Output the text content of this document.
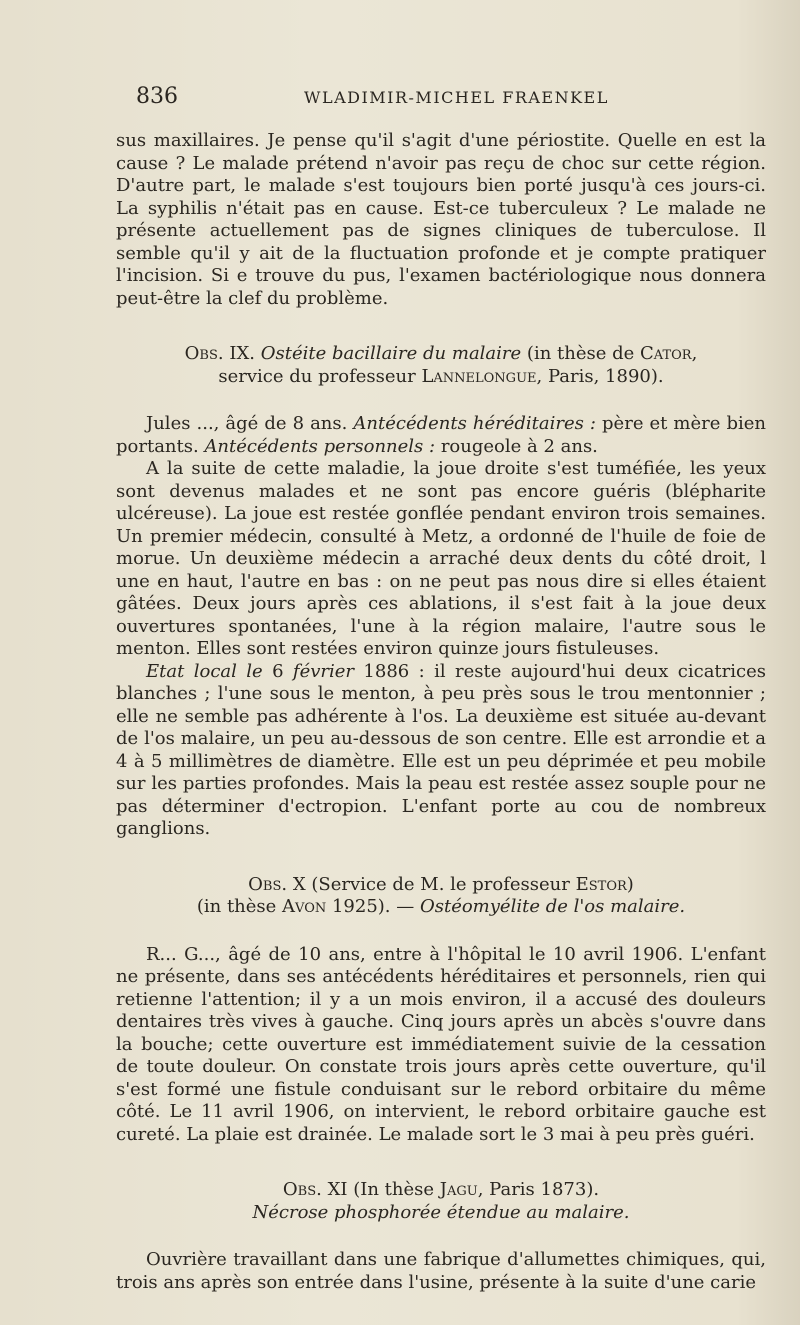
836	WLADIMIR-MICHEL FRAENKEL

sus maxillaires. Je pense qu'il s'agit d'une périostite. Quelle en est la cause ? Le malade prétend n'avoir pas reçu de choc sur cette région. D'autre part, le malade s'est toujours bien porté jusqu'à ces jours-ci. La syphilis n'était pas en cause. Est-ce tuberculeux ? Le malade ne présente actuellement pas de signes cliniques de tuberculose. Il semble qu'il y ait de la fluctuation profonde et je compte pratiquer l'incision. Si e trouve du pus, l'examen bactériologique nous donnera peut-être la clef du problème.

Obs. IX. Ostéite bacillaire du malaire (in thèse de Cator,
service du professeur Lannelongue, Paris, 1890).

Jules ..., âgé de 8 ans. Antécédents héréditaires : père et mère bien portants. Antécédents personnels : rougeole à 2 ans.

A la suite de cette maladie, la joue droite s'est tuméfiée, les yeux sont devenus malades et ne sont pas encore guéris (blépharite ulcéreuse). La joue est restée gonflée pendant environ trois semaines. Un premier médecin, consulté à Metz, a ordonné de l'huile de foie de morue. Un deuxième médecin a arraché deux dents du côté droit, l une en haut, l'autre en bas : on ne peut pas nous dire si elles étaient gâtées. Deux jours après ces ablations, il s'est fait à la joue deux ouvertures spontanées, l'une à la région malaire, l'autre sous le menton. Elles sont restées environ quinze jours fistuleuses.

Etat local le 6 février 1886 : il reste aujourd'hui deux cicatrices blanches ; l'une sous le menton, à peu près sous le trou mentonnier ; elle ne semble pas adhérente à l'os. La deuxième est située au-devant de l'os malaire, un peu au-dessous de son centre. Elle est arrondie et a 4 à 5 millimètres de diamètre. Elle est un peu déprimée et peu mobile sur les parties profondes. Mais la peau est restée assez souple pour ne pas déterminer d'ectropion. L'enfant porte au cou de nombreux ganglions.

Obs. X (Service de M. le professeur Estor)
(in thèse Avon 1925). — Ostéomyélite de l'os malaire.

R... G..., âgé de 10 ans, entre à l'hôpital le 10 avril 1906. L'enfant ne présente, dans ses antécédents héréditaires et personnels, rien qui retienne l'attention; il y a un mois environ, il a accusé des douleurs dentaires très vives à gauche. Cinq jours après un abcès s'ouvre dans la bouche; cette ouverture est immédiatement suivie de la cessation de toute douleur. On constate trois jours après cette ouverture, qu'il s'est formé une fistule conduisant sur le rebord orbitaire du même côté. Le 11 avril 1906, on intervient, le rebord orbitaire gauche est cureté. La plaie est drainée. Le malade sort le 3 mai à peu près guéri.

Obs. XI (In thèse Jagu, Paris 1873).
Nécrose phosphorée étendue au malaire.

Ouvrière travaillant dans une fabrique d'allumettes chimiques, qui, trois ans après son entrée dans l'usine, présente à la suite d'une carie
